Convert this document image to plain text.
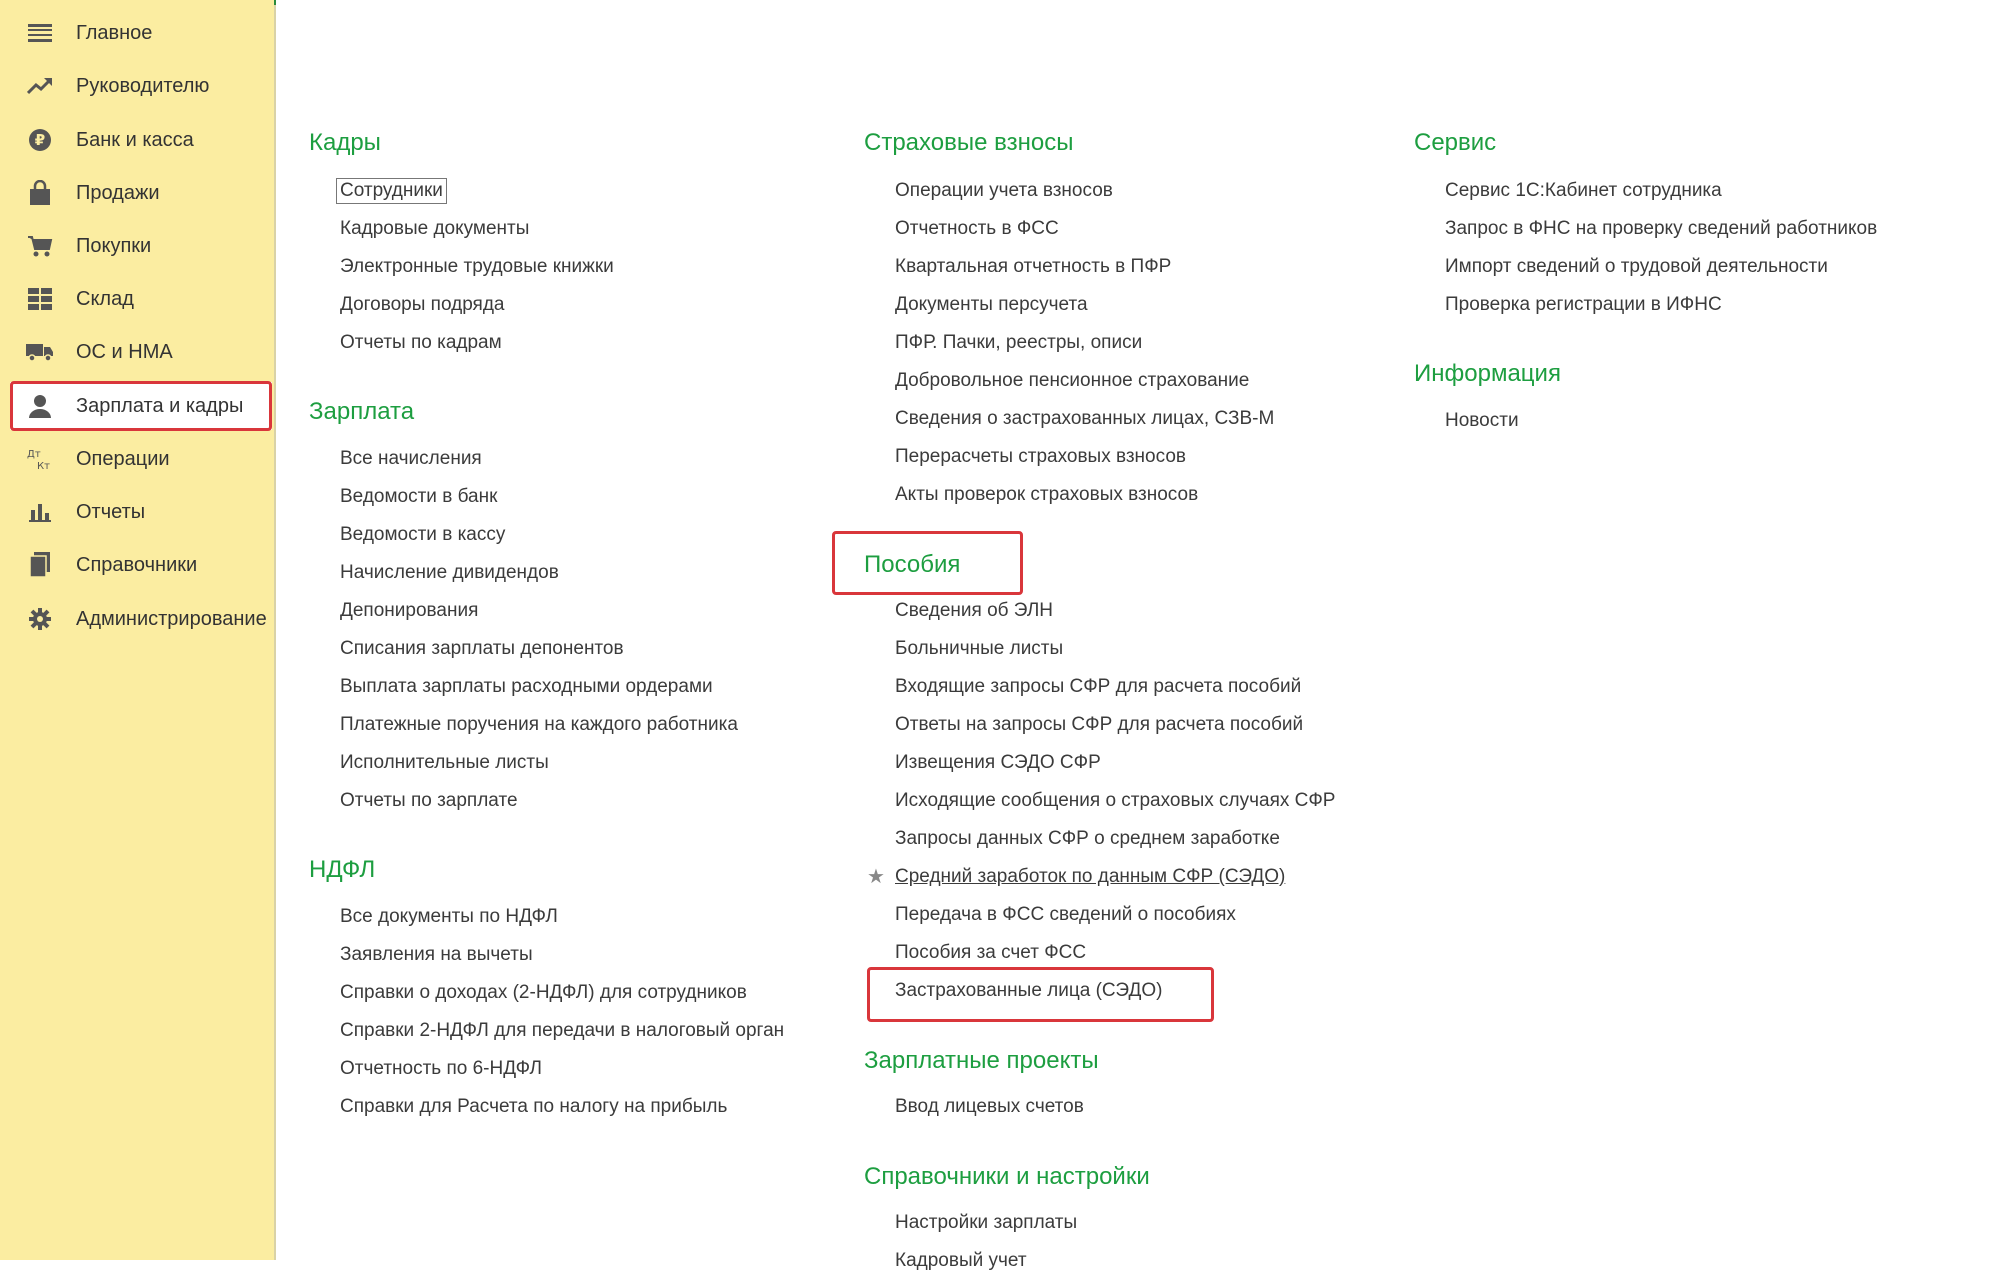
Главное
Руководителю
₽ Банк и касса
Продажи
Покупки
Склад
ОС и НМА
Зарплата и кадры
Дт
Кт Операции
Отчеты
Справочники
Администрирование
Кадры
Сотрудники
Кадровые документы
Электронные трудовые книжки
Договоры подряда
Отчеты по кадрам
Зарплата
Все начисления
Ведомости в банк
Ведомости в кассу
Начисление дивидендов
Депонирования
Списания зарплаты депонентов
Выплата зарплаты расходными ордерами
Платежные поручения на каждого работника
Исполнительные листы
Отчеты по зарплате
НДФЛ
Все документы по НДФЛ
Заявления на вычеты
Справки о доходах (2-НДФЛ) для сотрудников
Справки 2-НДФЛ для передачи в налоговый орган
Отчетность по 6-НДФЛ
Справки для Расчета по налогу на прибыль
Страховые взносы
Операции учета взносов
Отчетность в ФСС
Квартальная отчетность в ПФР
Документы персучета
ПФР. Пачки, реестры, описи
Добровольное пенсионное страхование
Сведения о застрахованных лицах, СЗВ-М
Перерасчеты страховых взносов
Акты проверок страховых взносов
Пособия
Сведения об ЭЛН
Больничные листы
Входящие запросы СФР для расчета пособий
Ответы на запросы СФР для расчета пособий
Извещения СЭДО СФР
Исходящие сообщения о страховых случаях СФР
Запросы данных СФР о среднем заработке
★ Средний заработок по данным СФР (СЭДО)
Передача в ФСС сведений о пособиях
Пособия за счет ФСС
Застрахованные лица (СЭДО)
Зарплатные проекты
Ввод лицевых счетов
Справочники и настройки
Настройки зарплаты
Кадровый учет
Сервис
Сервис 1С:Кабинет сотрудника
Запрос в ФНС на проверку сведений работников
Импорт сведений о трудовой деятельности
Проверка регистрации в ИФНС
Информация
Новости
